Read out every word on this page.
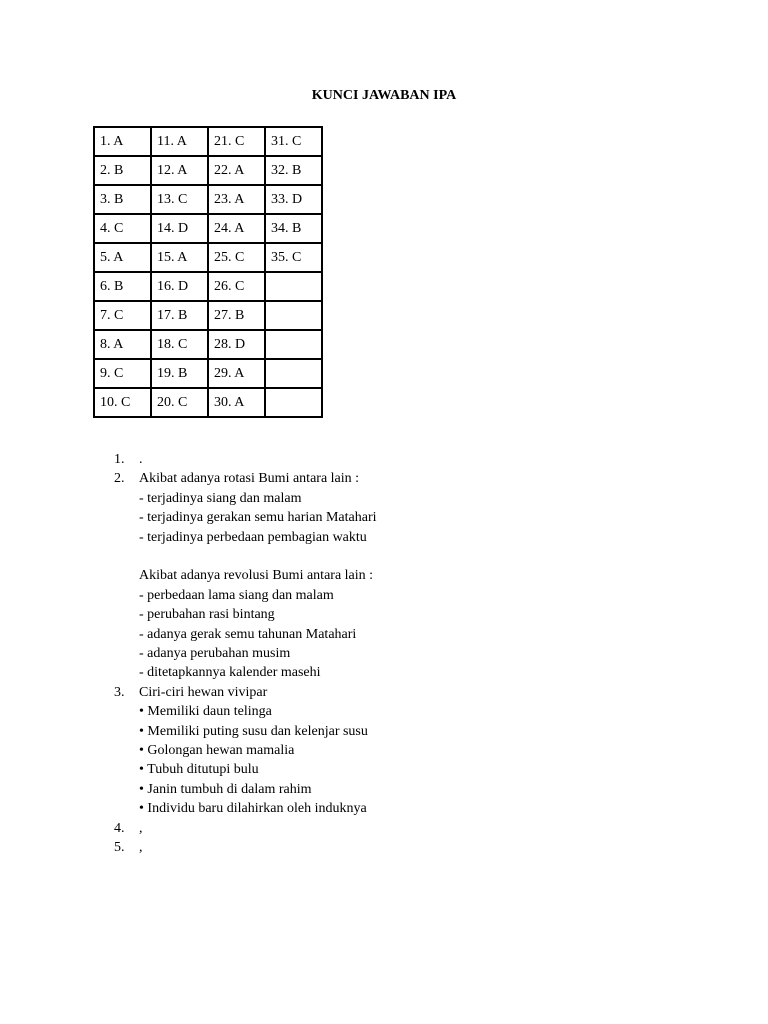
KUNCI JAWABAN IPA
1. A	11. A	21. C	31. C
2. B	12. A	22. A	32. B
3. B	13. C	23. A	33. D
4. C	14. D	24. A	34. B
5. A	15. A	25. C	35. C
6. B	16. D	26. C	
7. C	17. B	27. B	
8. A	18. C	28. D	
9. C	19. B	29. A	
10. C	20. C	30. A	
1.	.
2.	Akibat adanya rotasi Bumi antara lain :
- terjadinya siang dan malam
- terjadinya gerakan semu harian Matahari
- terjadinya perbedaan pembagian waktu
Akibat adanya revolusi Bumi antara lain :
- perbedaan lama siang dan malam
- perubahan rasi bintang
- adanya gerak semu tahunan Matahari
- adanya perubahan musim
- ditetapkannya kalender masehi
3.	Ciri-ciri hewan vivipar
• Memiliki daun telinga
• Memiliki puting susu dan kelenjar susu
• Golongan hewan mamalia
• Tubuh ditutupi bulu
• Janin tumbuh di dalam rahim
• Individu baru dilahirkan oleh induknya
4.	,
5.	,
